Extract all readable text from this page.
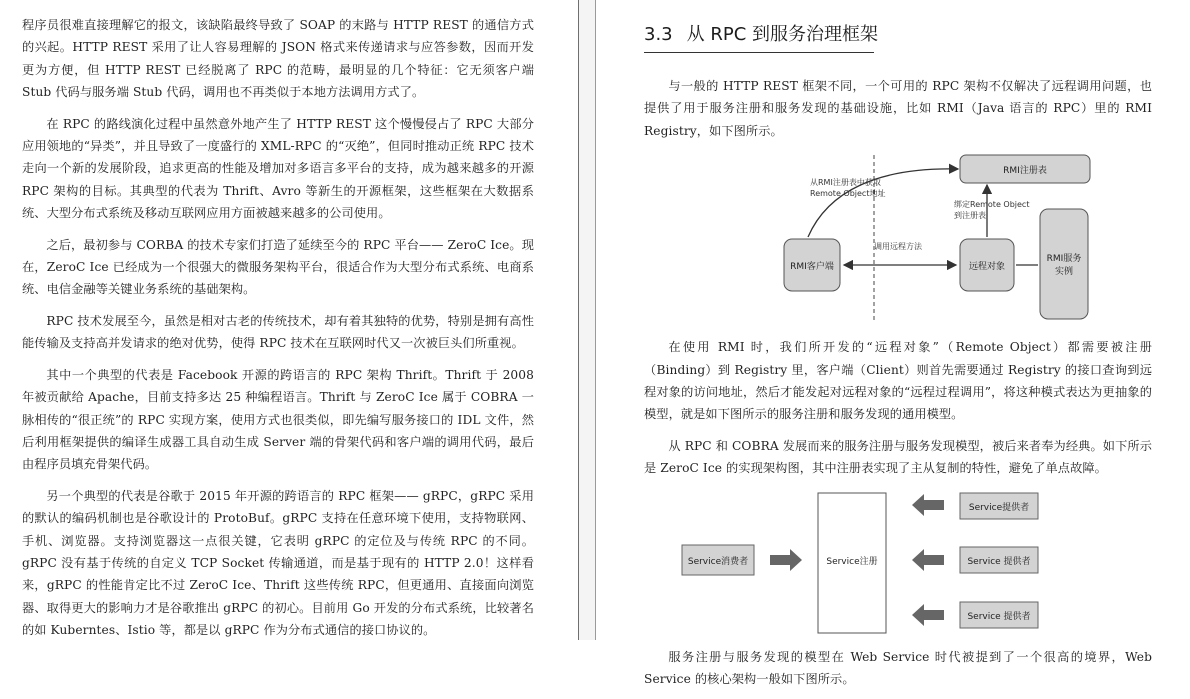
程序员很难直接理解它的报文，该缺陷最终导致了 SOAP 的末路与 HTTP REST 的通信方式的兴起。HTTP REST 采用了让人容易理解的 JSON 格式来传递请求与应答参数，因而开发更为方便，但 HTTP REST 已经脱离了 RPC 的范畴，最明显的几个特征：它无须客户端 Stub 代码与服务端 Stub 代码，调用也不再类似于本地方法调用方式了。

在 RPC 的路线演化过程中虽然意外地产生了 HTTP REST 这个慢慢侵占了 RPC 大部分应用领地的“异类”，并且导致了一度盛行的 XML-RPC 的“灭绝”，但同时推动正统 RPC 技术走向一个新的发展阶段，追求更高的性能及增加对多语言多平台的支持，成为越来越多的开源 RPC 架构的目标。其典型的代表为 Thrift、Avro 等新生的开源框架，这些框架在大数据系统、大型分布式系统及移动互联网应用方面被越来越多的公司使用。

之后，最初参与 CORBA 的技术专家们打造了延续至今的 RPC 平台—— ZeroC Ice。现在，ZeroC Ice 已经成为一个很强大的微服务架构平台，很适合作为大型分布式系统、电商系统、电信金融等关键业务系统的基础架构。

RPC 技术发展至今，虽然是相对古老的传统技术，却有着其独特的优势，特别是拥有高性能传输及支持高并发请求的绝对优势，使得 RPC 技术在互联网时代又一次被巨头们所重视。

其中一个典型的代表是 Facebook 开源的跨语言的 RPC 架构 Thrift。Thrift 于 2008 年被贡献给 Apache，目前支持多达 25 种编程语言。Thrift 与 ZeroC Ice 属于 COBRA 一脉相传的“很正统”的 RPC 实现方案，使用方式也很类似，即先编写服务接口的 IDL 文件，然后利用框架提供的编译生成器工具自动生成 Server 端的骨架代码和客户端的调用代码，最后由程序员填充骨架代码。

另一个典型的代表是谷歌于 2015 年开源的跨语言的 RPC 框架—— gRPC，gRPC 采用的默认的编码机制也是谷歌设计的 ProtoBuf。gRPC 支持在任意环境下使用，支持物联网、手机、浏览器。支持浏览器这一点很关键，它表明 gRPC 的定位及与传统 RPC 的不同。gRPC 没有基于传统的自定义 TCP Socket 传输通道，而是基于现有的 HTTP 2.0！这样看来，gRPC 的性能肯定比不过 ZeroC Ice、Thrift 这些传统 RPC，但更通用、直接面向浏览器、取得更大的影响力才是谷歌推出 gRPC 的初心。目前用 Go 开发的分布式系统，比较著名的如 Kuberntes、Istio 等，都是以 gRPC 作为分布式通信的接口协议的。

3.3 从 RPC 到服务治理框架

与一般的 HTTP REST 框架不同，一个可用的 RPC 架构不仅解决了远程调用问题，也提供了用于服务注册和服务发现的基础设施，比如 RMI（Java 语言的 RPC）里的 RMI Registry，如下图所示。

RMI注册表
RMI客户端	远程对象
RMI服务
实例
从RMI注册表中获取
Remote Object地址
绑定Remote Object
到注册表
调用远程方法

在使用 RMI 时，我们所开发的“远程对象”（Remote Object）都需要被注册（Binding）到 Registry 里，客户端（Client）则首先需要通过 Registry 的接口查询到远程对象的访问地址，然后才能发起对远程对象的“远程过程调用”，将这种模式表达为更抽象的模型，就是如下图所示的服务注册和服务发现的通用模型。

从 RPC 和 COBRA 发展而来的服务注册与服务发现模型，被后来者奉为经典。如下所示是 ZeroC Ice 的实现架构图，其中注册表实现了主从复制的特性，避免了单点故障。

Service消费者	Service注册
Service提供者
Service 提供者
Service 提供者

服务注册与服务发现的模型在 Web Service 时代被提到了一个很高的境界，Web Service 的核心架构一般如下图所示。
